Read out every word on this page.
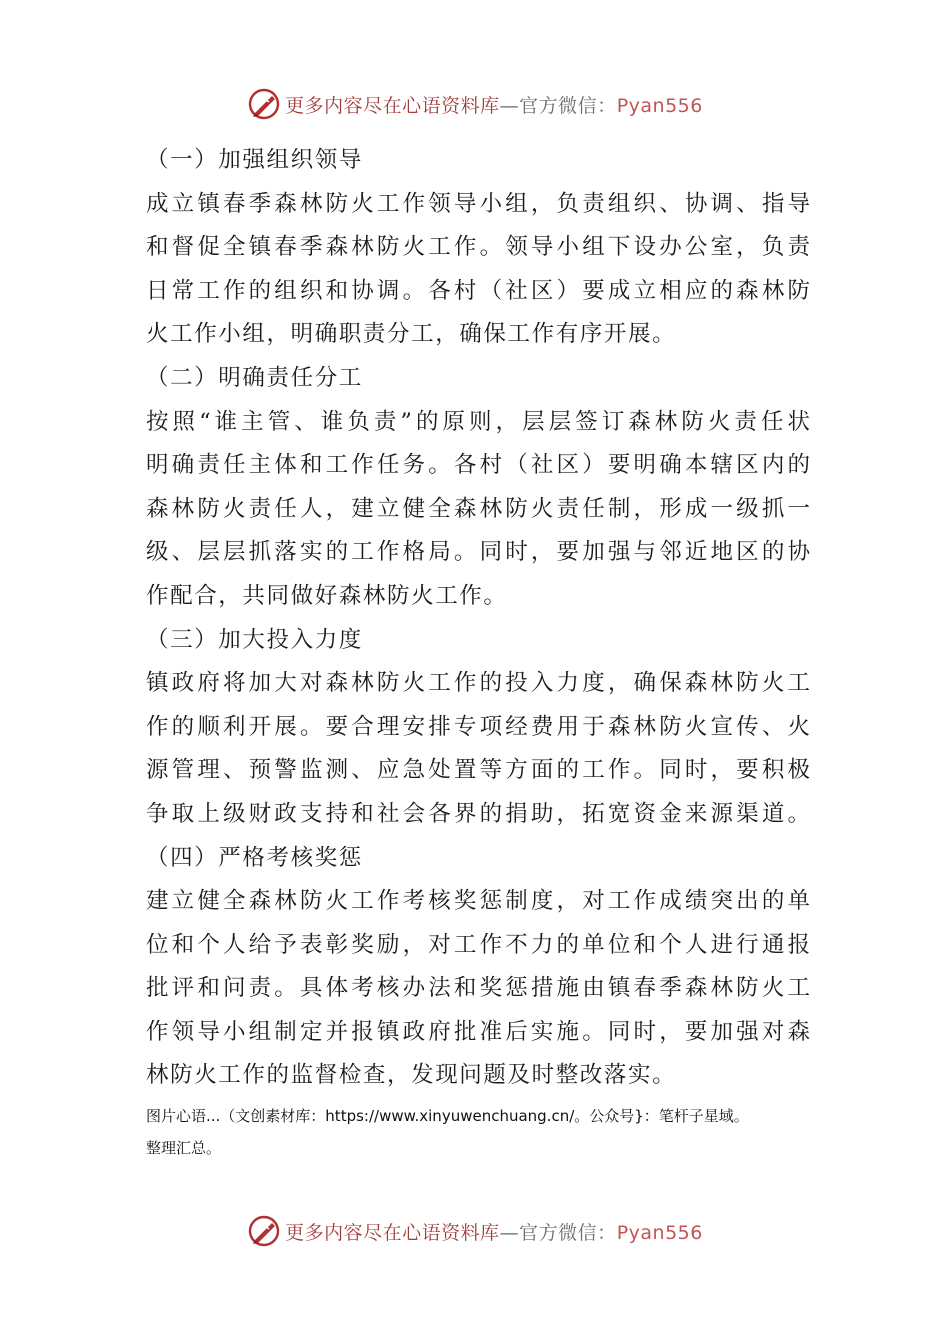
更多内容尽在心语资料库—官方微信：Pyan556
（一）加强组织领导
成立镇春季森林防火工作领导小组，负责组织、协调、指导
和督促全镇春季森林防火工作。领导小组下设办公室，负责
日常工作的组织和协调。各村（社区）要成立相应的森林防
火工作小组，明确职责分工，确保工作有序开展。
（二）明确责任分工
按照“谁主管、谁负责”的原则，层层签订森林防火责任状
明确责任主体和工作任务。各村（社区）要明确本辖区内的
森林防火责任人，建立健全森林防火责任制，形成一级抓一
级、层层抓落实的工作格局。同时，要加强与邻近地区的协
作配合，共同做好森林防火工作。
（三）加大投入力度
镇政府将加大对森林防火工作的投入力度，确保森林防火工
作的顺利开展。要合理安排专项经费用于森林防火宣传、火
源管理、预警监测、应急处置等方面的工作。同时，要积极
争取上级财政支持和社会各界的捐助，拓宽资金来源渠道。
（四）严格考核奖惩
建立健全森林防火工作考核奖惩制度，对工作成绩突出的单
位和个人给予表彰奖励，对工作不力的单位和个人进行通报
批评和问责。具体考核办法和奖惩措施由镇春季森林防火工
作领导小组制定并报镇政府批准后实施。同时，要加强对森
林防火工作的监督检查，发现问题及时整改落实。
图片心语...（文创素材库：https://www.xinyuwenchuang.cn/。公众号}：笔杆子星域。
整理汇总。
更多内容尽在心语资料库—官方微信：Pyan556
